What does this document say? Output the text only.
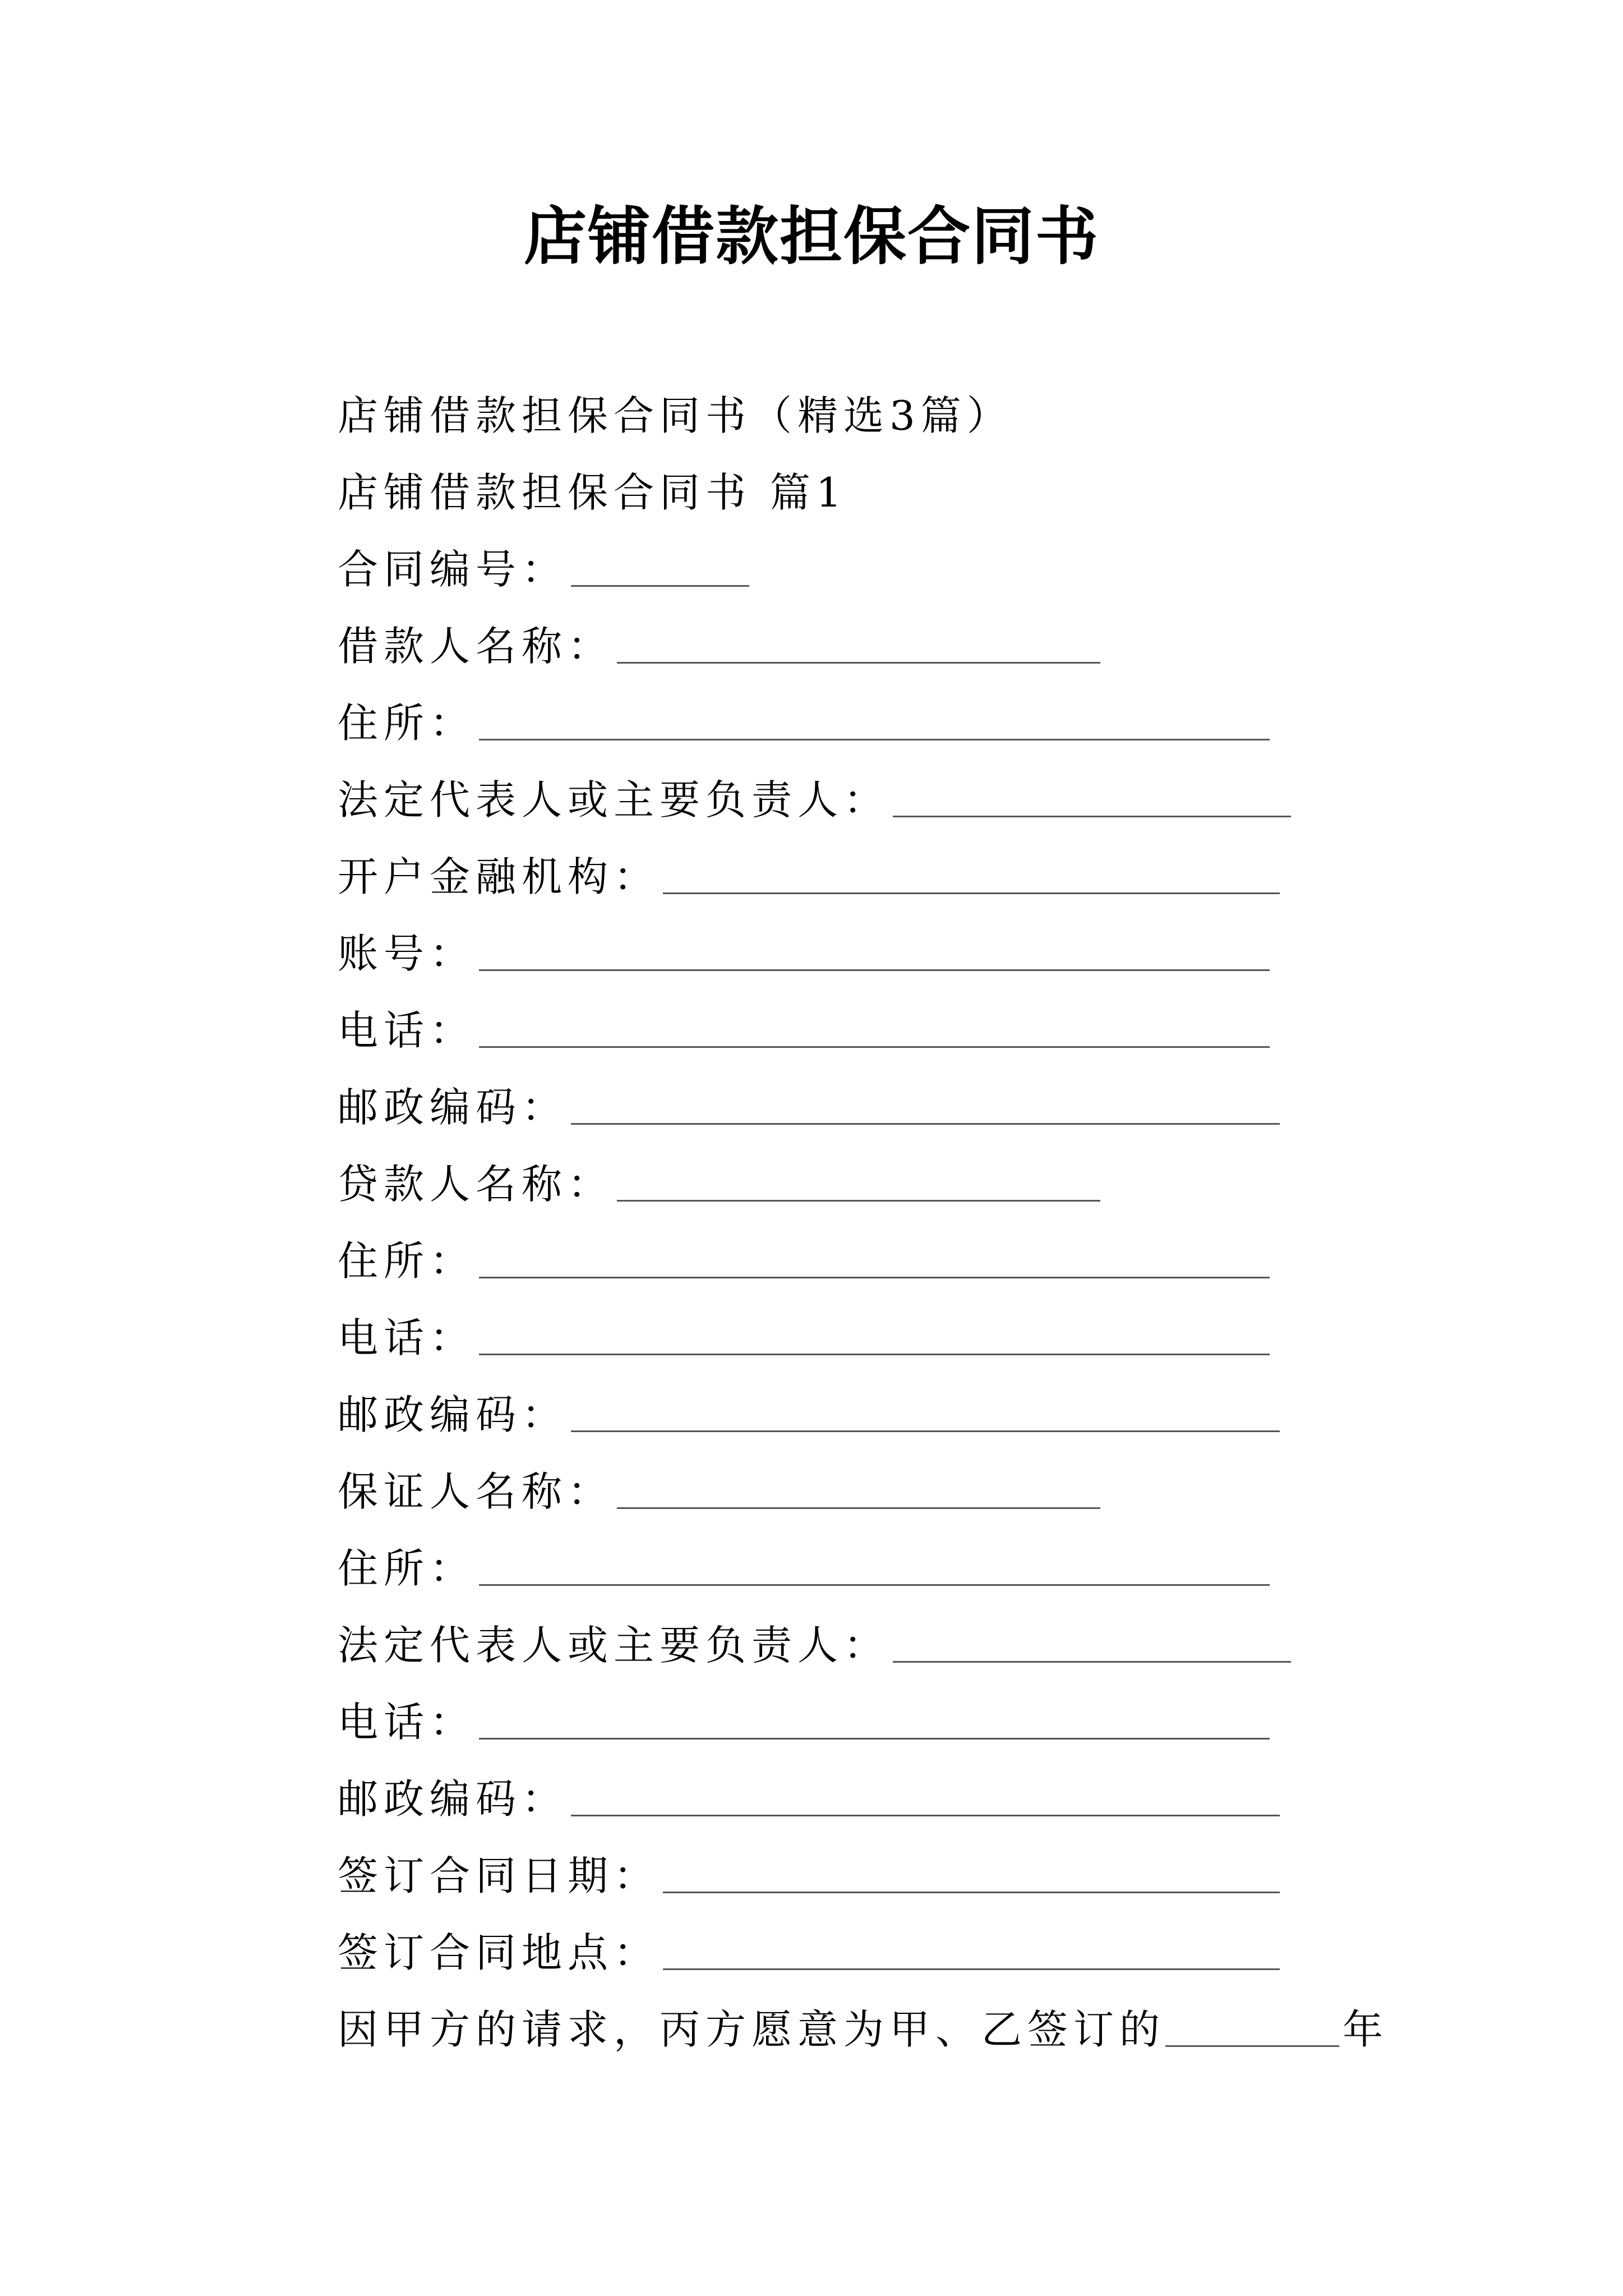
店铺借款担保合同书
店铺借款担保合同书（精选3篇）
店铺借款担保合同书 篇1
合同编号：
借款人名称：
住所：
法定代表人或主要负责人：
开户金融机构：
账号：
电话：
邮政编码：
贷款人名称：
住所：
电话：
邮政编码：
保证人名称：
住所：
法定代表人或主要负责人：
电话：
邮政编码：
签订合同日期：
签订合同地点：
因甲方的请求，丙方愿意为甲、乙签订的	年
